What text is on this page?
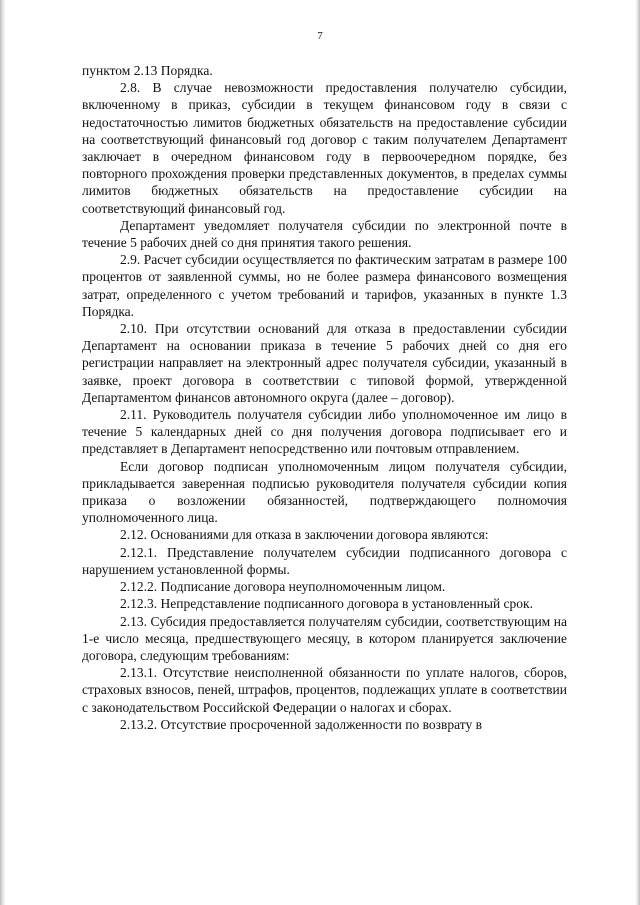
7

пунктом 2.13 Порядка.

2.8. В случае невозможности предоставления получателю субсидии, включенному в приказ, субсидии в текущем финансовом году в связи с недостаточностью лимитов бюджетных обязательств на предоставление субсидии на соответствующий финансовый год договор с таким получателем Департамент заключает в очередном финансовом году в первоочередном порядке, без повторного прохождения проверки представленных документов, в пределах суммы лимитов бюджетных обязательств на предоставление субсидии на соответствующий финансовый год.

Департамент уведомляет получателя субсидии по электронной почте в течение 5 рабочих дней со дня принятия такого решения.

2.9. Расчет субсидии осуществляется по фактическим затратам в размере 100 процентов от заявленной суммы, но не более размера финансового возмещения затрат, определенного с учетом требований и тарифов, указанных в пункте 1.3 Порядка.

2.10. При отсутствии оснований для отказа в предоставлении субсидии Департамент на основании приказа в течение 5 рабочих дней со дня его регистрации направляет на электронный адрес получателя субсидии, указанный в заявке, проект договора в соответствии с типовой формой, утвержденной Департаментом финансов автономного округа (далее – договор).

2.11. Руководитель получателя субсидии либо уполномоченное им лицо в течение 5 календарных дней со дня получения договора подписывает его и представляет в Департамент непосредственно или почтовым отправлением.

Если договор подписан уполномоченным лицом получателя субсидии, прикладывается заверенная подписью руководителя получателя субсидии копия приказа о возложении обязанностей, подтверждающего полномочия уполномоченного лица.

2.12. Основаниями для отказа в заключении договора являются:

2.12.1. Представление получателем субсидии подписанного договора с нарушением установленной формы.

2.12.2. Подписание договора неуполномоченным лицом.

2.12.3. Непредставление подписанного договора в установленный срок.

2.13. Субсидия предоставляется получателям субсидии, соответствующим на 1-е число месяца, предшествующего месяцу, в котором планируется заключение договора, следующим требованиям:

2.13.1. Отсутствие неисполненной обязанности по уплате налогов, сборов, страховых взносов, пеней, штрафов, процентов, подлежащих уплате в соответствии с законодательством Российской Федерации о налогах и сборах.

2.13.2. Отсутствие просроченной задолженности по возврату в
